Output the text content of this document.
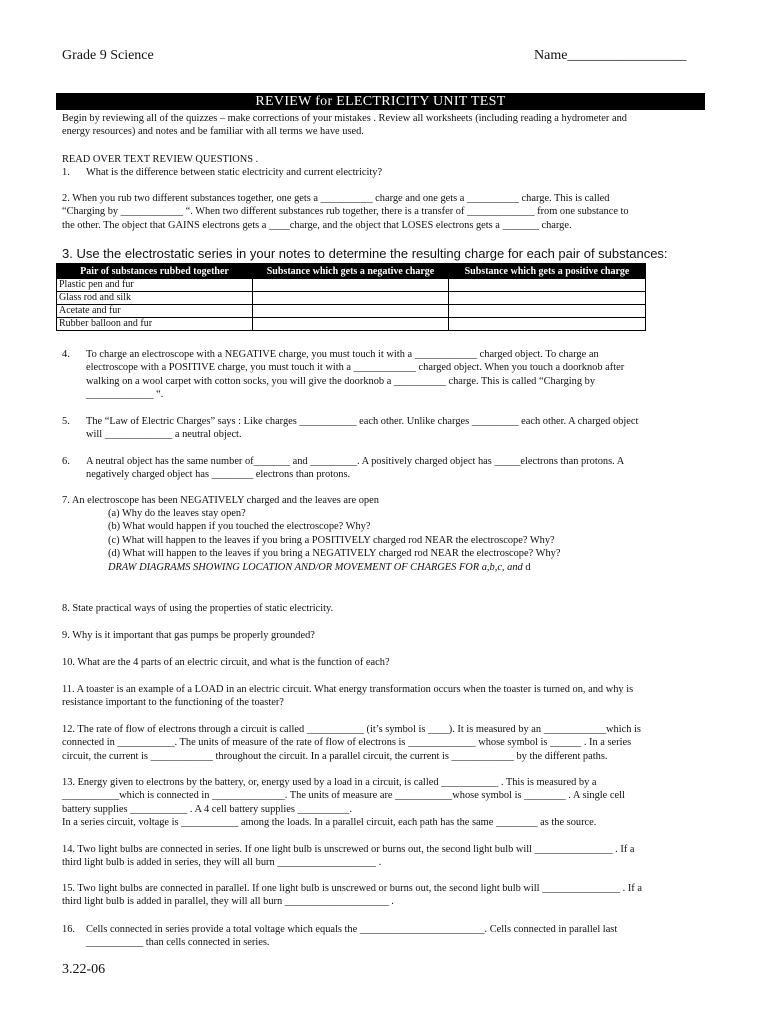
Grade 9 Science	Name_________________
REVIEW for ELECTRICITY UNIT TEST
Begin by reviewing all of the quizzes – make corrections of your mistakes . Review all worksheets (including reading a hydrometer and
energy resources) and notes and be familiar with all terms we have used.
READ OVER TEXT REVIEW QUESTIONS .
1. What is the difference between static electricity and current electricity?
2. When you rub two different substances together, one gets a __________ charge and one gets a __________ charge. This is called
“Charging by ____________ “. When two different substances rub together, there is a transfer of _____________ from one substance to
the other. The object that GAINS electrons gets a ____charge, and the object that LOSES electrons gets a _______ charge.
3. Use the electrostatic series in your notes to determine the resulting charge for each pair of substances:
Pair of substances rubbed together	Substance which gets a negative charge	Substance which gets a positive charge
Plastic pen and fur		
Glass rod and silk		
Acetate and fur		
Rubber balloon and fur		
4. To charge an electroscope with a NEGATIVE charge, you must touch it with a ____________ charged object. To charge an
electroscope with a POSITIVE charge, you must touch it with a ____________ charged object. When you touch a doorknob after
walking on a wool carpet with cotton socks, you will give the doorknob a __________ charge. This is called “Charging by
_____________ “.
5. The “Law of Electric Charges” says : Like charges ___________ each other. Unlike charges _________ each other. A charged object
will _____________ a neutral object.
6. A neutral object has the same number of_______ and _________. A positively charged object has _____electrons than protons. A
negatively charged object has ________ electrons than protons.
7. An electroscope has been NEGATIVELY charged and the leaves are open
(a) Why do the leaves stay open?
(b) What would happen if you touched the electroscope? Why?
(c) What will happen to the leaves if you bring a POSITIVELY charged rod NEAR the electroscope? Why?
(d) What will happen to the leaves if you bring a NEGATIVELY charged rod NEAR the electroscope? Why?
DRAW DIAGRAMS SHOWING LOCATION AND/OR MOVEMENT OF CHARGES FOR a,b,c, and d
8. State practical ways of using the properties of static electricity.
9. Why is it important that gas pumps be properly grounded?
10. What are the 4 parts of an electric circuit, and what is the function of each?
11. A toaster is an example of a LOAD in an electric circuit. What energy transformation occurs when the toaster is turned on, and why is
resistance important to the functioning of the toaster?
12. The rate of flow of electrons through a circuit is called ___________ (it’s symbol is ____). It is measured by an ____________which is
connected in ___________. The units of measure of the rate of flow of electrons is _____________ whose symbol is ______ . In a series
circuit, the current is ____________ throughout the circuit. In a parallel circuit, the current is ____________ by the different paths.
13. Energy given to electrons by the battery, or, energy used by a load in a circuit, is called ___________ . This is measured by a
___________which is connected in ______________. The units of measure are ___________whose symbol is ________ . A single cell
battery supplies ___________ . A 4 cell battery supplies __________.
In a series circuit, voltage is ___________ among the loads. In a parallel circuit, each path has the same ________ as the source.
14. Two light bulbs are connected in series. If one light bulb is unscrewed or burns out, the second light bulb will _______________ . If a
third light bulb is added in series, they will all burn ___________________ .
15. Two light bulbs are connected in parallel. If one light bulb is unscrewed or burns out, the second light bulb will _______________ . If a
third light bulb is added in parallel, they will all burn ____________________ .
16. Cells connected in series provide a total voltage which equals the ________________________. Cells connected in parallel last
___________ than cells connected in series.
3.22-06
